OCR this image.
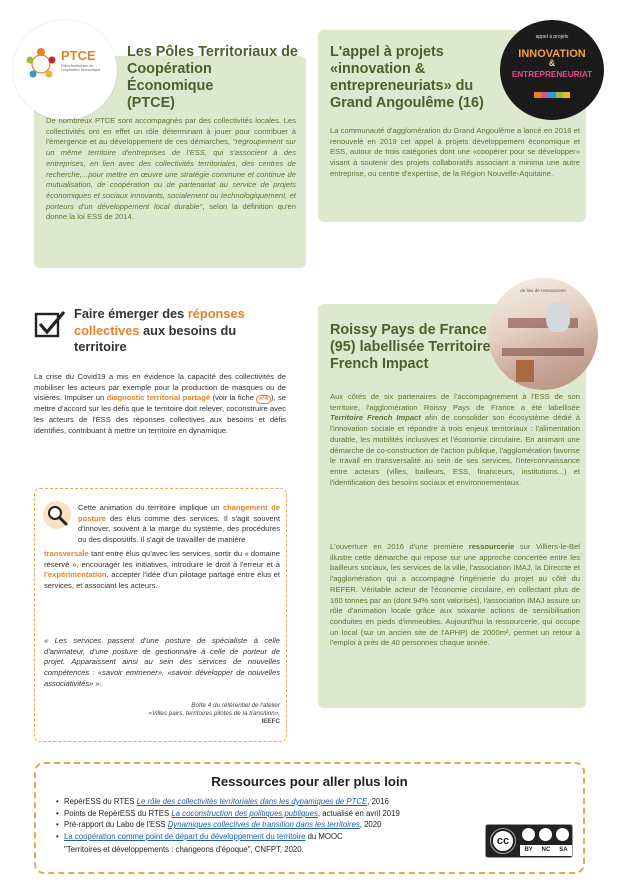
PTCE
Pôles territoriaux de coopération économique
Les Pôles Territoriaux de
Coopération Économique
(PTCE)
De nombreux PTCE sont accompagnés par des collectivités locales. Les collectivités ont en effet un rôle déterminant à jouer pour contribuer à l'émergence et au développement de ces démarches, "regroupement sur un même territoire d'entreprises de l'ESS, qui s'associent à des entreprises, en lien avec des collectivités territoriales, des centres de recherche,...pour mettre en œuvre une stratégie commune et continue de mutualisation, de coopération ou de partenariat au service de projets économiques et sociaux innovants, socialement ou technologiquement, et porteurs d'un développement local durable", selon la définition qu'en donne la loi ESS de 2014.
L'appel à projets
«innovation &
entrepreneuriats» du
Grand Angoulême (16)
appel à projets
INNOVATION
&
ENTREPRENEURIAT
La communauté d'agglomération du Grand Angoulême a lancé en 2018 et renouvelé en 2019 cet appel à projets développement économique et ESS, autour de trois catégories dont une «coopérer pour se développer» visant à soutenir des projets collaboratifs associant a minima une autre entreprise, ou centre d'expertise, de la Région Nouvelle-Aquitaine.
Faire émerger des réponses
collectives aux besoins du
territoire
La crise du Covid19 a mis en évidence la capacité des collectivités de mobiliser les acteurs par exemple pour la production de masques ou de visières. Impulser un diagnostic territorial partagé (voir la fiche n°4 ), se mettre d'accord sur les défis que le territoire doit relever, coconstruire avec les acteurs de l'ESS des réponses collectives aux besoins et défis identifiés, contribuant à mettre un territoire en dynamique.
Cette animation du territoire implique un changement de posture des élus comme des services. Il s'agit souvent d'innover, souvent à la marge du système, des procédures ou des dispositifs. Il s'agit de travailler de manière
transversale tant entre élus qu'avec les services, sortir du « domaine réservé », encourager les initiatives, introduire le droit à l'erreur et à l'expérimentation, accepter l'idée d'un pilotage partagé entre élus et services, et associant les acteurs.
« Les services passent d'une posture de spécialiste à celle d'animateur, d'une posture de gestionnaire à celle de porteur de projet. Apparaissent ainsi au sein des services de nouvelles compétences : «savoir emmener», «savoir développer de nouvelles associativités» ».
Boîte 4 du référentiel de l'atelier
«Villes pairs, territoires pilotes de la transition»,
IEEFC
de lieu de ressourcerie
Roissy Pays de France
(95) labellisée Territoire
French Impact
Aux côtés de six partenaires de l'accompagnement à l'ESS de son territoire, l'agglomération Roissy Pays de France a été labellisée Territoire French Impact afin de consolider son écosystème dédié à l'innovation sociale et répondre à trois enjeux territoriaux : l'alimentation durable, les mobilités inclusives et l'économie circulaire. En animant une démarche de co-construction de l'action publique, l'agglomération favorise le travail en transversalité au sein de ses services, l'interconnaissance entre acteurs (villes, bailleurs, ESS, financeurs, institutions...) et l'identification des besoins sociaux et environnementaux.
L'ouverture en 2016 d'une première ressourcerie sur Villiers-le-Bel illustre cette démarche qui repose sur une approche concertée entre les bailleurs sociaux, les services de la ville, l'association IMAJ, la Direccte et l'agglomération qui a accompagné l'ingénierie du projet au côté du REFER. Véritable acteur de l'économie circulaire, en collectant plus de 160 tonnes par an (dont 94% sont valorisés), l'association IMAJ assure un rôle d'animation locale grâce aux soixante actions de sensibilisation conduites en pieds d'immeubles. Aujourd'hui la ressourcerie, qui occupe un local (sur un ancien site de l'APHP) de 2000m², permet un retour à l'emploi à près de 40 personnes chaque année.
Ressources pour aller plus loin
• RepèrESS du RTES Le rôle des collectivités territoriales dans les dynamiques de PTCE, 2016
• Points de RepèrESS du RTES La coconstruction des politiques publiques, actualisé en avril 2019
• Pré-rapport du Labo de l'ESS Dynamiques collectives de transition dans les territoires, 2020
• La coopération comme point de départ du développement du territoire du MOOC
"Territoires et développements : changeons d'époque", CNFPT, 2020.
cc
BY NC SA
